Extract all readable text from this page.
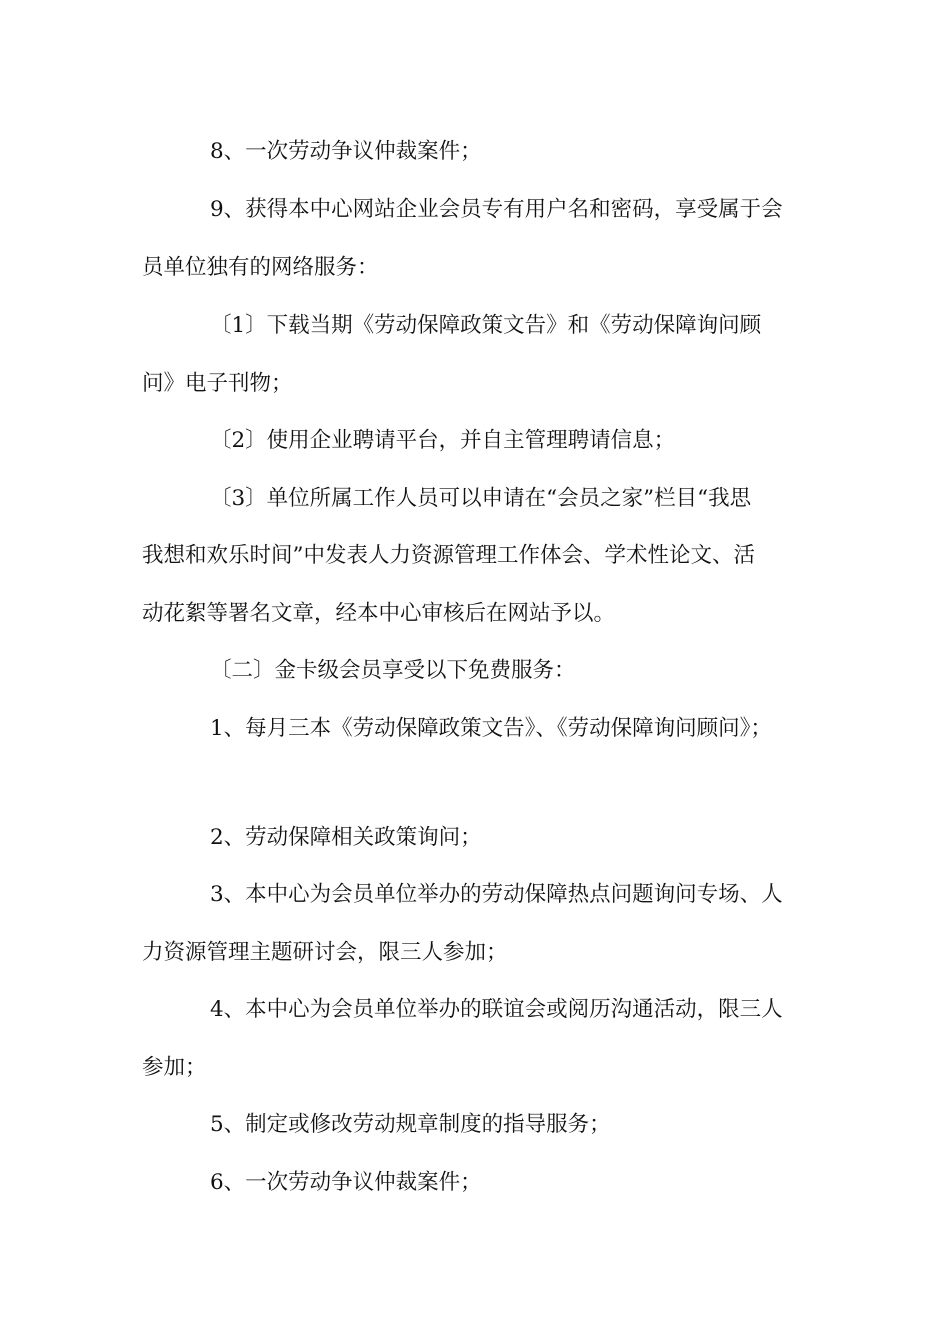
8、一次劳动争议仲裁案件；

9、获得本中心网站企业会员专有用户名和密码，享受属于会

员单位独有的网络服务：

〔1〕下载当期《劳动保障政策文告》和《劳动保障询问顾

问》电子刊物；

〔2〕使用企业聘请平台，并自主管理聘请信息；

〔3〕单位所属工作人员可以申请在“会员之家”栏目“我思

我想和欢乐时间”中发表人力资源管理工作体会、学术性论文、活

动花絮等署名文章，经本中心审核后在网站予以。

〔二〕金卡级会员享受以下免费服务：

1、每月三本《劳动保障政策文告》、《劳动保障询问顾问》；

2、劳动保障相关政策询问；

3、本中心为会员单位举办的劳动保障热点问题询问专场、人

力资源管理主题研讨会，限三人参加；

4、本中心为会员单位举办的联谊会或阅历沟通活动，限三人

参加；

5、制定或修改劳动规章制度的指导服务；

6、一次劳动争议仲裁案件；
